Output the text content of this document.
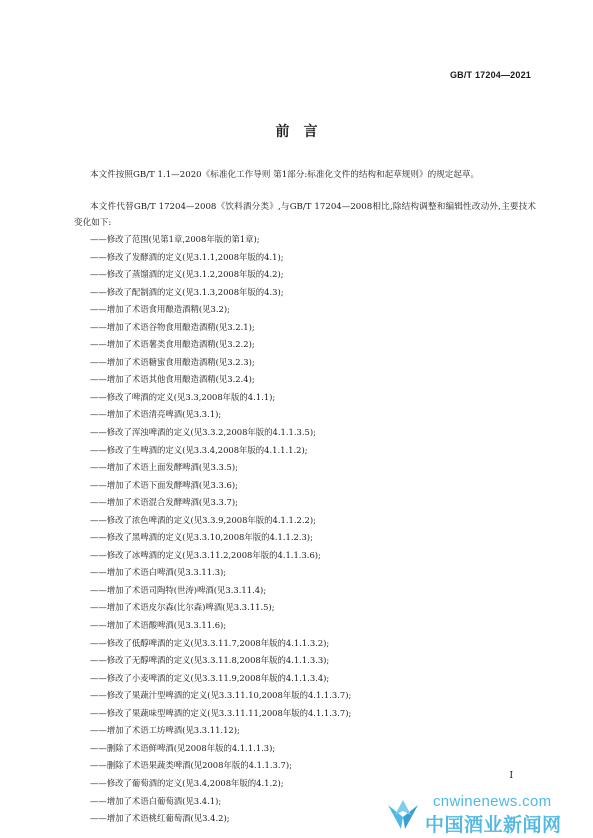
GB/T 17204—2021
前言

本文件按照GB/T 1.1—2020《标准化工作导则 第1部分:标准化文件的结构和起草规则》的规定起草。

本文件代替GB/T 17204—2008《饮料酒分类》,与GB/T 17204—2008相比,除结构调整和编辑性改动外,主要技术变化如下:

——修改了范围(见第1章,2008年版的第1章);
——修改了发酵酒的定义(见3.1.1,2008年版的4.1);
——修改了蒸馏酒的定义(见3.1.2,2008年版的4.2);
——修改了配制酒的定义(见3.1.3,2008年版的4.3);
——增加了术语食用酿造酒精(见3.2);
——增加了术语谷物食用酿造酒精(见3.2.1);
——增加了术语薯类食用酿造酒精(见3.2.2);
——增加了术语糖蜜食用酿造酒精(见3.2.3);
——增加了术语其他食用酿造酒精(见3.2.4);
——修改了啤酒的定义(见3.3,2008年版的4.1.1);
——增加了术语清亮啤酒(见3.3.1);
——修改了浑浊啤酒的定义(见3.3.2,2008年版的4.1.1.3.5);
——修改了生啤酒的定义(见3.3.4,2008年版的4.1.1.1.2);
——增加了术语上面发酵啤酒(见3.3.5);
——增加了术语下面发酵啤酒(见3.3.6);
——增加了术语混合发酵啤酒(见3.3.7);
——修改了浓色啤酒的定义(见3.3.9,2008年版的4.1.1.2.2);
——修改了黑啤酒的定义(见3.3.10,2008年版的4.1.1.2.3);
——修改了冰啤酒的定义(见3.3.11.2,2008年版的4.1.1.3.6);
——增加了术语白啤酒(见3.3.11.3);
——增加了术语司陶特(世涛)啤酒(见3.3.11.4);
——增加了术语皮尔森(比尔森)啤酒(见3.3.11.5);
——增加了术语酸啤酒(见3.3.11.6);
——修改了低醇啤酒的定义(见3.3.11.7,2008年版的4.1.1.3.2);
——修改了无醇啤酒的定义(见3.3.11.8,2008年版的4.1.1.3.3);
——修改了小麦啤酒的定义(见3.3.11.9,2008年版的4.1.1.3.4);
——修改了果蔬汁型啤酒的定义(见3.3.11.10,2008年版的4.1.1.3.7);
——修改了果蔬味型啤酒的定义(见3.3.11.11,2008年版的4.1.1.3.7);
——增加了术语工坊啤酒(见3.3.11.12);
——删除了术语鲜啤酒(见2008年版的4.1.1.1.3);
——删除了术语果蔬类啤酒(见2008年版的4.1.1.3.7);
——修改了葡萄酒的定义(见3.4,2008年版的4.1.2);
——增加了术语白葡萄酒(见3.4.1);
——增加了术语桃红葡萄酒(见3.4.2);
I
cnwinenews.com
中国酒业新闻网
